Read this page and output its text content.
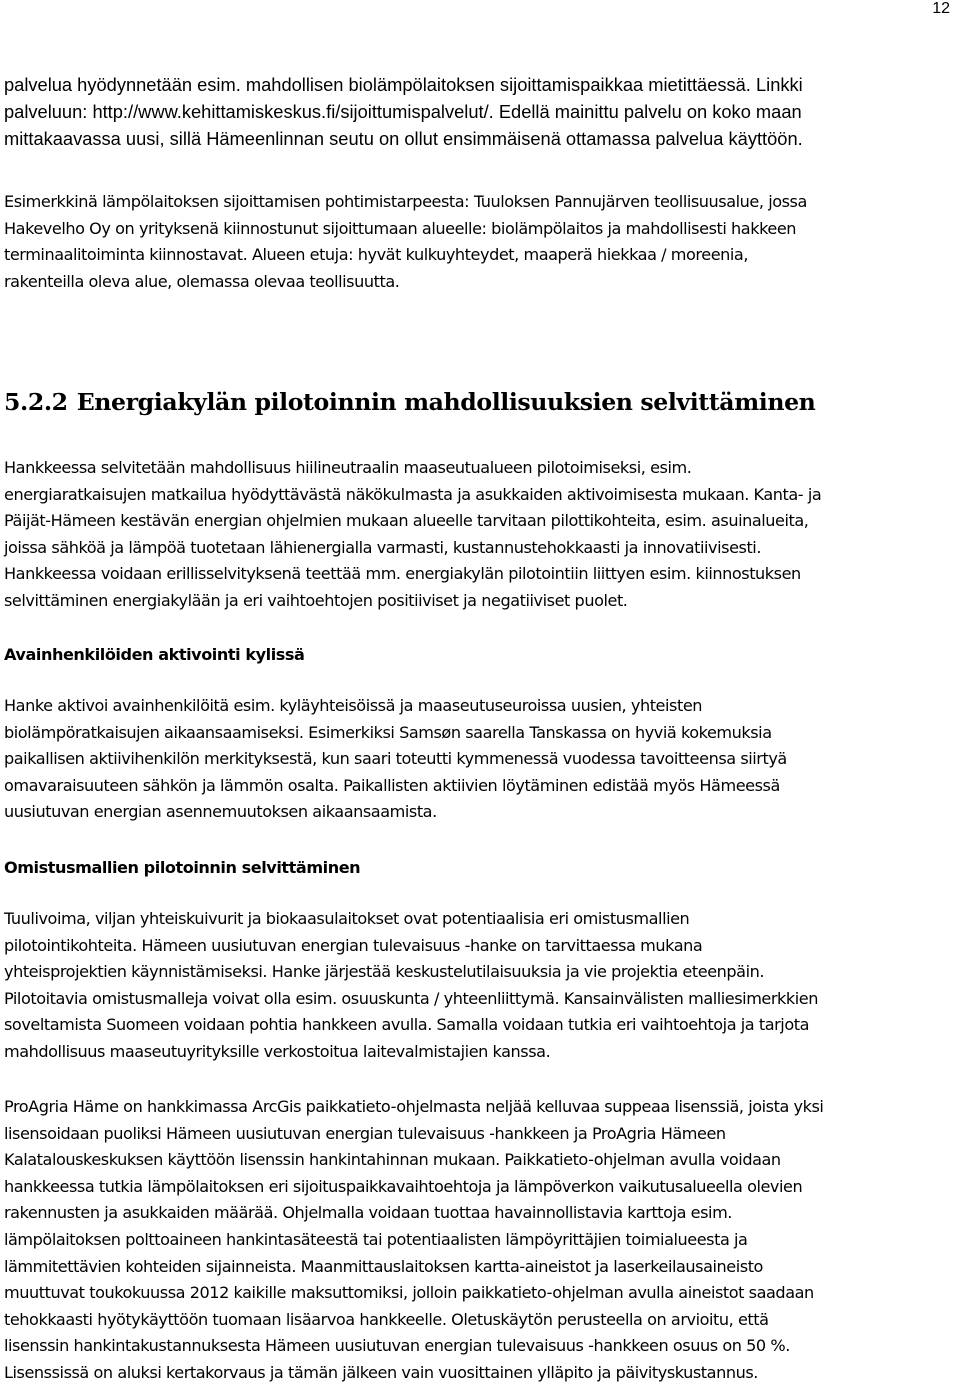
12
palvelua hyödynnetään esim. mahdollisen biolämpölaitoksen sijoittamispaikkaa mietittäessä. Linkki
palveluun: http://www.kehittamiskeskus.fi/sijoittumispalvelut/. Edellä mainittu palvelu on koko maan
mittakaavassa uusi, sillä Hämeenlinnan seutu on ollut ensimmäisenä ottamassa palvelua käyttöön.
Esimerkkinä lämpölaitoksen sijoittamisen pohtimistarpeesta: Tuuloksen Pannujärven teollisuusalue, jossa
Hakevelho Oy on yrityksenä kiinnostunut sijoittumaan alueelle: biolämpölaitos ja mahdollisesti hakkeen
terminaalitoiminta kiinnostavat. Alueen etuja: hyvät kulkuyhteydet, maaperä hiekkaa / moreenia,
rakenteilla oleva alue, olemassa olevaa teollisuutta.
5.2.2 Energiakylän pilotoinnin mahdollisuuksien selvittäminen
Hankkeessa selvitetään mahdollisuus hiilineutraalin maaseutualueen pilotoimiseksi, esim.
energiaratkaisujen matkailua hyödyttävästä näkökulmasta ja asukkaiden aktivoimisesta mukaan. Kanta- ja
Päijät-Hämeen kestävän energian ohjelmien mukaan alueelle tarvitaan pilottikohteita, esim. asuinalueita,
joissa sähköä ja lämpöä tuotetaan lähienergialla varmasti, kustannustehokkaasti ja innovatiivisesti.
Hankkeessa voidaan erillisselvityksenä teettää mm. energiakylän pilotointiin liittyen esim. kiinnostuksen
selvittäminen energiakylään ja eri vaihtoehtojen positiiviset ja negatiiviset puolet.
Avainhenkilöiden aktivointi kylissä
Hanke aktivoi avainhenkilöitä esim. kyläyhteisöissä ja maaseutuseuroissa uusien, yhteisten
biolämpöratkaisujen aikaansaamiseksi. Esimerkiksi Samsøn saarella Tanskassa on hyviä kokemuksia
paikallisen aktiivihenkilön merkityksestä, kun saari toteutti kymmenessä vuodessa tavoitteensa siirtyä
omavaraisuuteen sähkön ja lämmön osalta. Paikallisten aktiivien löytäminen edistää myös Hämeessä
uusiutuvan energian asennemuutoksen aikaansaamista.
Omistusmallien pilotoinnin selvittäminen
Tuulivoima, viljan yhteiskuivurit ja biokaasulaitokset ovat potentiaalisia eri omistusmallien
pilotointikohteita. Hämeen uusiutuvan energian tulevaisuus -hanke on tarvittaessa mukana
yhteisprojektien käynnistämiseksi. Hanke järjestää keskustelutilaisuuksia ja vie projektia eteenpäin.
Pilotoitavia omistusmalleja voivat olla esim. osuuskunta / yhteenliittymä. Kansainvälisten malliesimerkkien
soveltamista Suomeen voidaan pohtia hankkeen avulla. Samalla voidaan tutkia eri vaihtoehtoja ja tarjota
mahdollisuus maaseutuyrityksille verkostoitua laitevalmistajien kanssa.
ProAgria Häme on hankkimassa ArcGis paikkatieto-ohjelmasta neljää kelluvaa suppeaa lisenssiä, joista yksi
lisensoidaan puoliksi Hämeen uusiutuvan energian tulevaisuus -hankkeen ja ProAgria Hämeen
Kalatalouskeskuksen käyttöön lisenssin hankintahinnan mukaan. Paikkatieto-ohjelman avulla voidaan
hankkeessa tutkia lämpölaitoksen eri sijoituspaikkavaihtoehtoja ja lämpöverkon vaikutusalueella olevien
rakennusten ja asukkaiden määrää. Ohjelmalla voidaan tuottaa havainnollistavia karttoja esim.
lämpölaitoksen polttoaineen hankintasäteestä tai potentiaalisten lämpöyrittäjien toimialueesta ja
lämmitettävien kohteiden sijainneista. Maanmittauslaitoksen kartta-aineistot ja laserkeilausaineisto
muuttuvat toukokuussa 2012 kaikille maksuttomiksi, jolloin paikkatieto-ohjelman avulla aineistot saadaan
tehokkaasti hyötykäyttöön tuomaan lisäarvoa hankkeelle. Oletuskäytön perusteella on arvioitu, että
lisenssin hankintakustannuksesta Hämeen uusiutuvan energian tulevaisuus -hankkeen osuus on 50 %.
Lisenssissä on aluksi kertakorvaus ja tämän jälkeen vain vuosittainen ylläpito ja päivityskustannus.
